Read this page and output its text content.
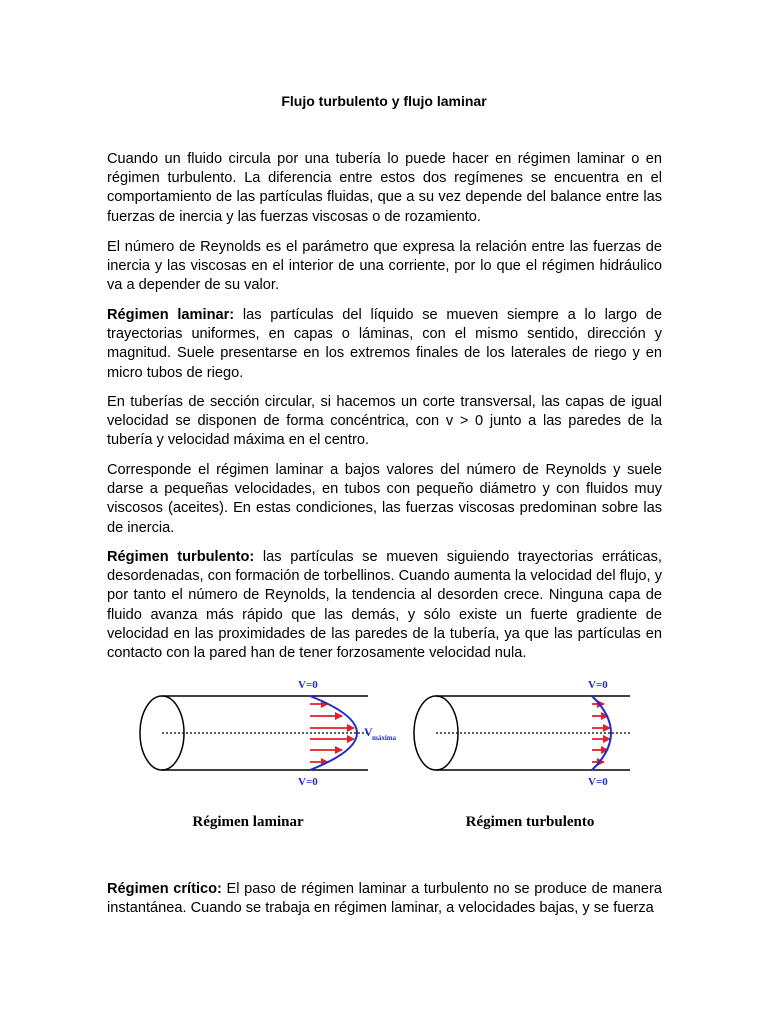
Flujo turbulento y flujo laminar

Cuando un fluido circula por una tubería lo puede hacer en régimen laminar o en régimen turbulento. La diferencia entre estos dos regímenes se encuentra en el comportamiento de las partículas fluidas, que a su vez depende del balance entre las fuerzas de inercia y las fuerzas viscosas o de rozamiento.

El número de Reynolds es el parámetro que expresa la relación entre las fuerzas de inercia y las viscosas en el interior de una corriente, por lo que el régimen hidráulico va a depender de su valor.

Régimen laminar: las partículas del líquido se mueven siempre a lo largo de trayectorias uniformes, en capas o láminas, con el mismo sentido, dirección y magnitud. Suele presentarse en los extremos finales de los laterales de riego y en micro tubos de riego.

En tuberías de sección circular, si hacemos un corte transversal, las capas de igual velocidad se disponen de forma concéntrica, con v > 0 junto a las paredes de la tubería y velocidad máxima en el centro.

Corresponde el régimen laminar a bajos valores del número de Reynolds y suele darse a pequeñas velocidades, en tubos con pequeño diámetro y con fluidos muy viscosos (aceites). En estas condiciones, las fuerzas viscosas predominan sobre las de inercia.

Régimen turbulento: las partículas se mueven siguiendo trayectorias erráticas, desordenadas, con formación de torbellinos. Cuando aumenta la velocidad del flujo, y por tanto el número de Reynolds, la tendencia al desorden crece. Ninguna capa de fluido avanza más rápido que las demás, y sólo existe un fuerte gradiente de velocidad en las proximidades de las paredes de la tubería, ya que las partículas en contacto con la pared han de tener forzosamente velocidad nula.

V=0
V=0
V máxima
Régimen laminar
V=0
V=0
Régimen turbulento

Régimen crítico: El paso de régimen laminar a turbulento no se produce de manera instantánea. Cuando se trabaja en régimen laminar, a velocidades bajas, y se fuerza
